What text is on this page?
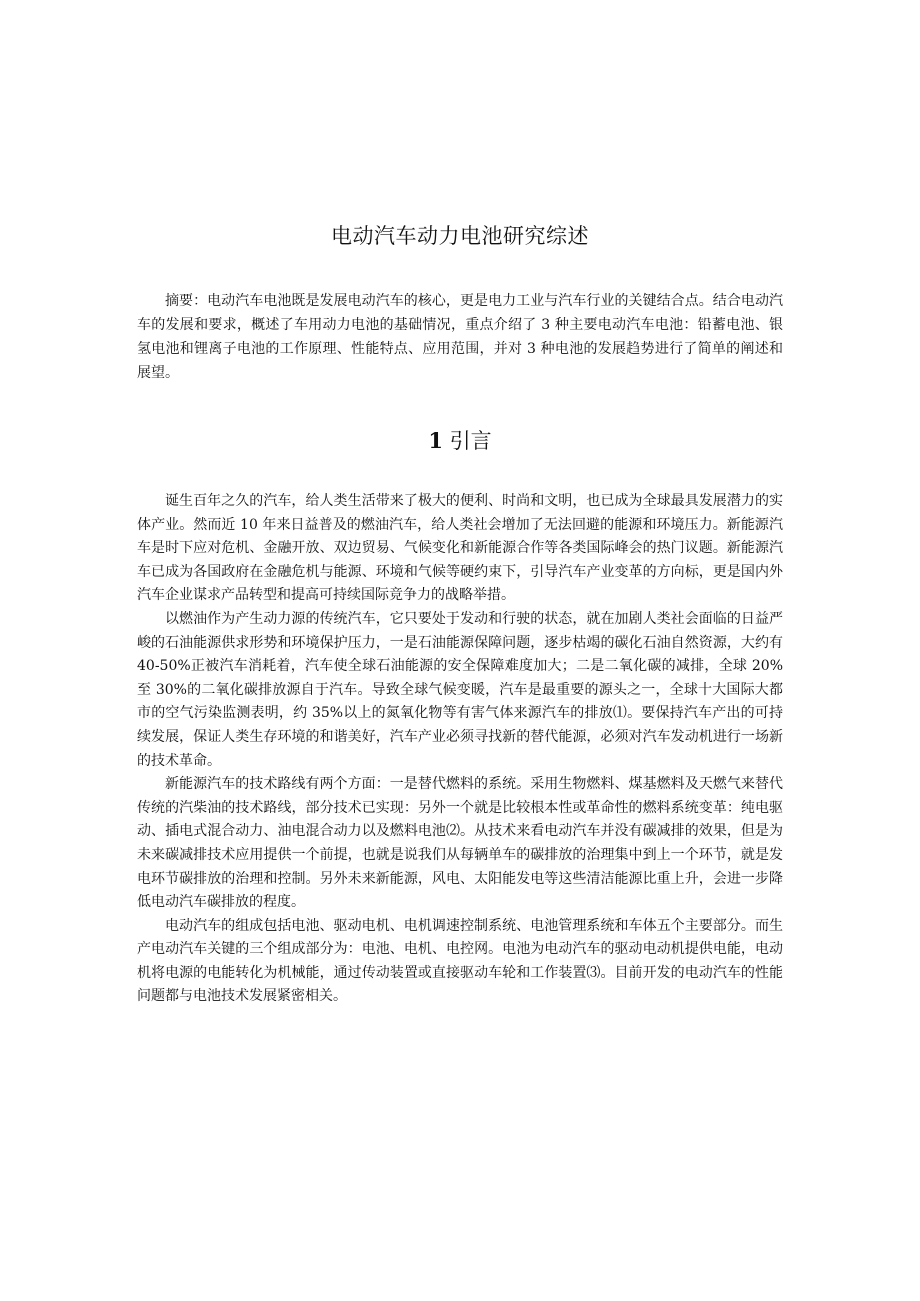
电动汽车动力电池研究综述

摘要：电动汽车电池既是发展电动汽车的核心，更是电力工业与汽车行业的关键结合点。结合电动汽车的发展和要求，概述了车用动力电池的基础情况，重点介绍了 3 种主要电动汽车电池：铅蓄电池、银氢电池和锂离子电池的工作原理、性能特点、应用范围，并对 3 种电池的发展趋势进行了简单的阐述和展望。

1 引言

诞生百年之久的汽车，给人类生活带来了极大的便利、时尚和文明，也已成为全球最具发展潜力的实体产业。然而近 10 年来日益普及的燃油汽车，给人类社会增加了无法回避的能源和环境压力。新能源汽车是时下应对危机、金融开放、双边贸易、气候变化和新能源合作等各类国际峰会的热门议题。新能源汽车已成为各国政府在金融危机与能源、环境和气候等硬约束下，引导汽车产业变革的方向标，更是国内外汽车企业谋求产品转型和提高可持续国际竞争力的战略举措。

以燃油作为产生动力源的传统汽车，它只要处于发动和行驶的状态，就在加剧人类社会面临的日益严峻的石油能源供求形势和环境保护压力，一是石油能源保障问题，逐步枯竭的碳化石油自然资源，大约有 40-50%正被汽车消耗着，汽车使全球石油能源的安全保障难度加大；二是二氧化碳的减排，全球 20%至 30%的二氧化碳排放源自于汽车。导致全球气候变暖，汽车是最重要的源头之一，全球十大国际大都市的空气污染监测表明，约 35%以上的氮氧化物等有害气体来源汽车的排放⑴。要保持汽车产出的可持续发展，保证人类生存环境的和谐美好，汽车产业必须寻找新的替代能源，必须对汽车发动机进行一场新的技术革命。

新能源汽车的技术路线有两个方面：一是替代燃料的系统。采用生物燃料、煤基燃料及天燃气来替代传统的汽柴油的技术路线，部分技术已实现：另外一个就是比较根本性或革命性的燃料系统变革：纯电驱动、插电式混合动力、油电混合动力以及燃料电池⑵。从技术来看电动汽车并没有碳减排的效果，但是为未来碳减排技术应用提供一个前提，也就是说我们从每辆单车的碳排放的治理集中到上一个环节，就是发电环节碳排放的治理和控制。另外未来新能源，风电、太阳能发电等这些清洁能源比重上升，会进一步降低电动汽车碳排放的程度。

电动汽车的组成包括电池、驱动电机、电机调速控制系统、电池管理系统和车体五个主要部分。而生产电动汽车关键的三个组成部分为：电池、电机、电控网。电池为电动汽车的驱动电动机提供电能，电动机将电源的电能转化为机械能，通过传动装置或直接驱动车轮和工作装置⑶。目前开发的电动汽车的性能问题都与电池技术发展紧密相关。
